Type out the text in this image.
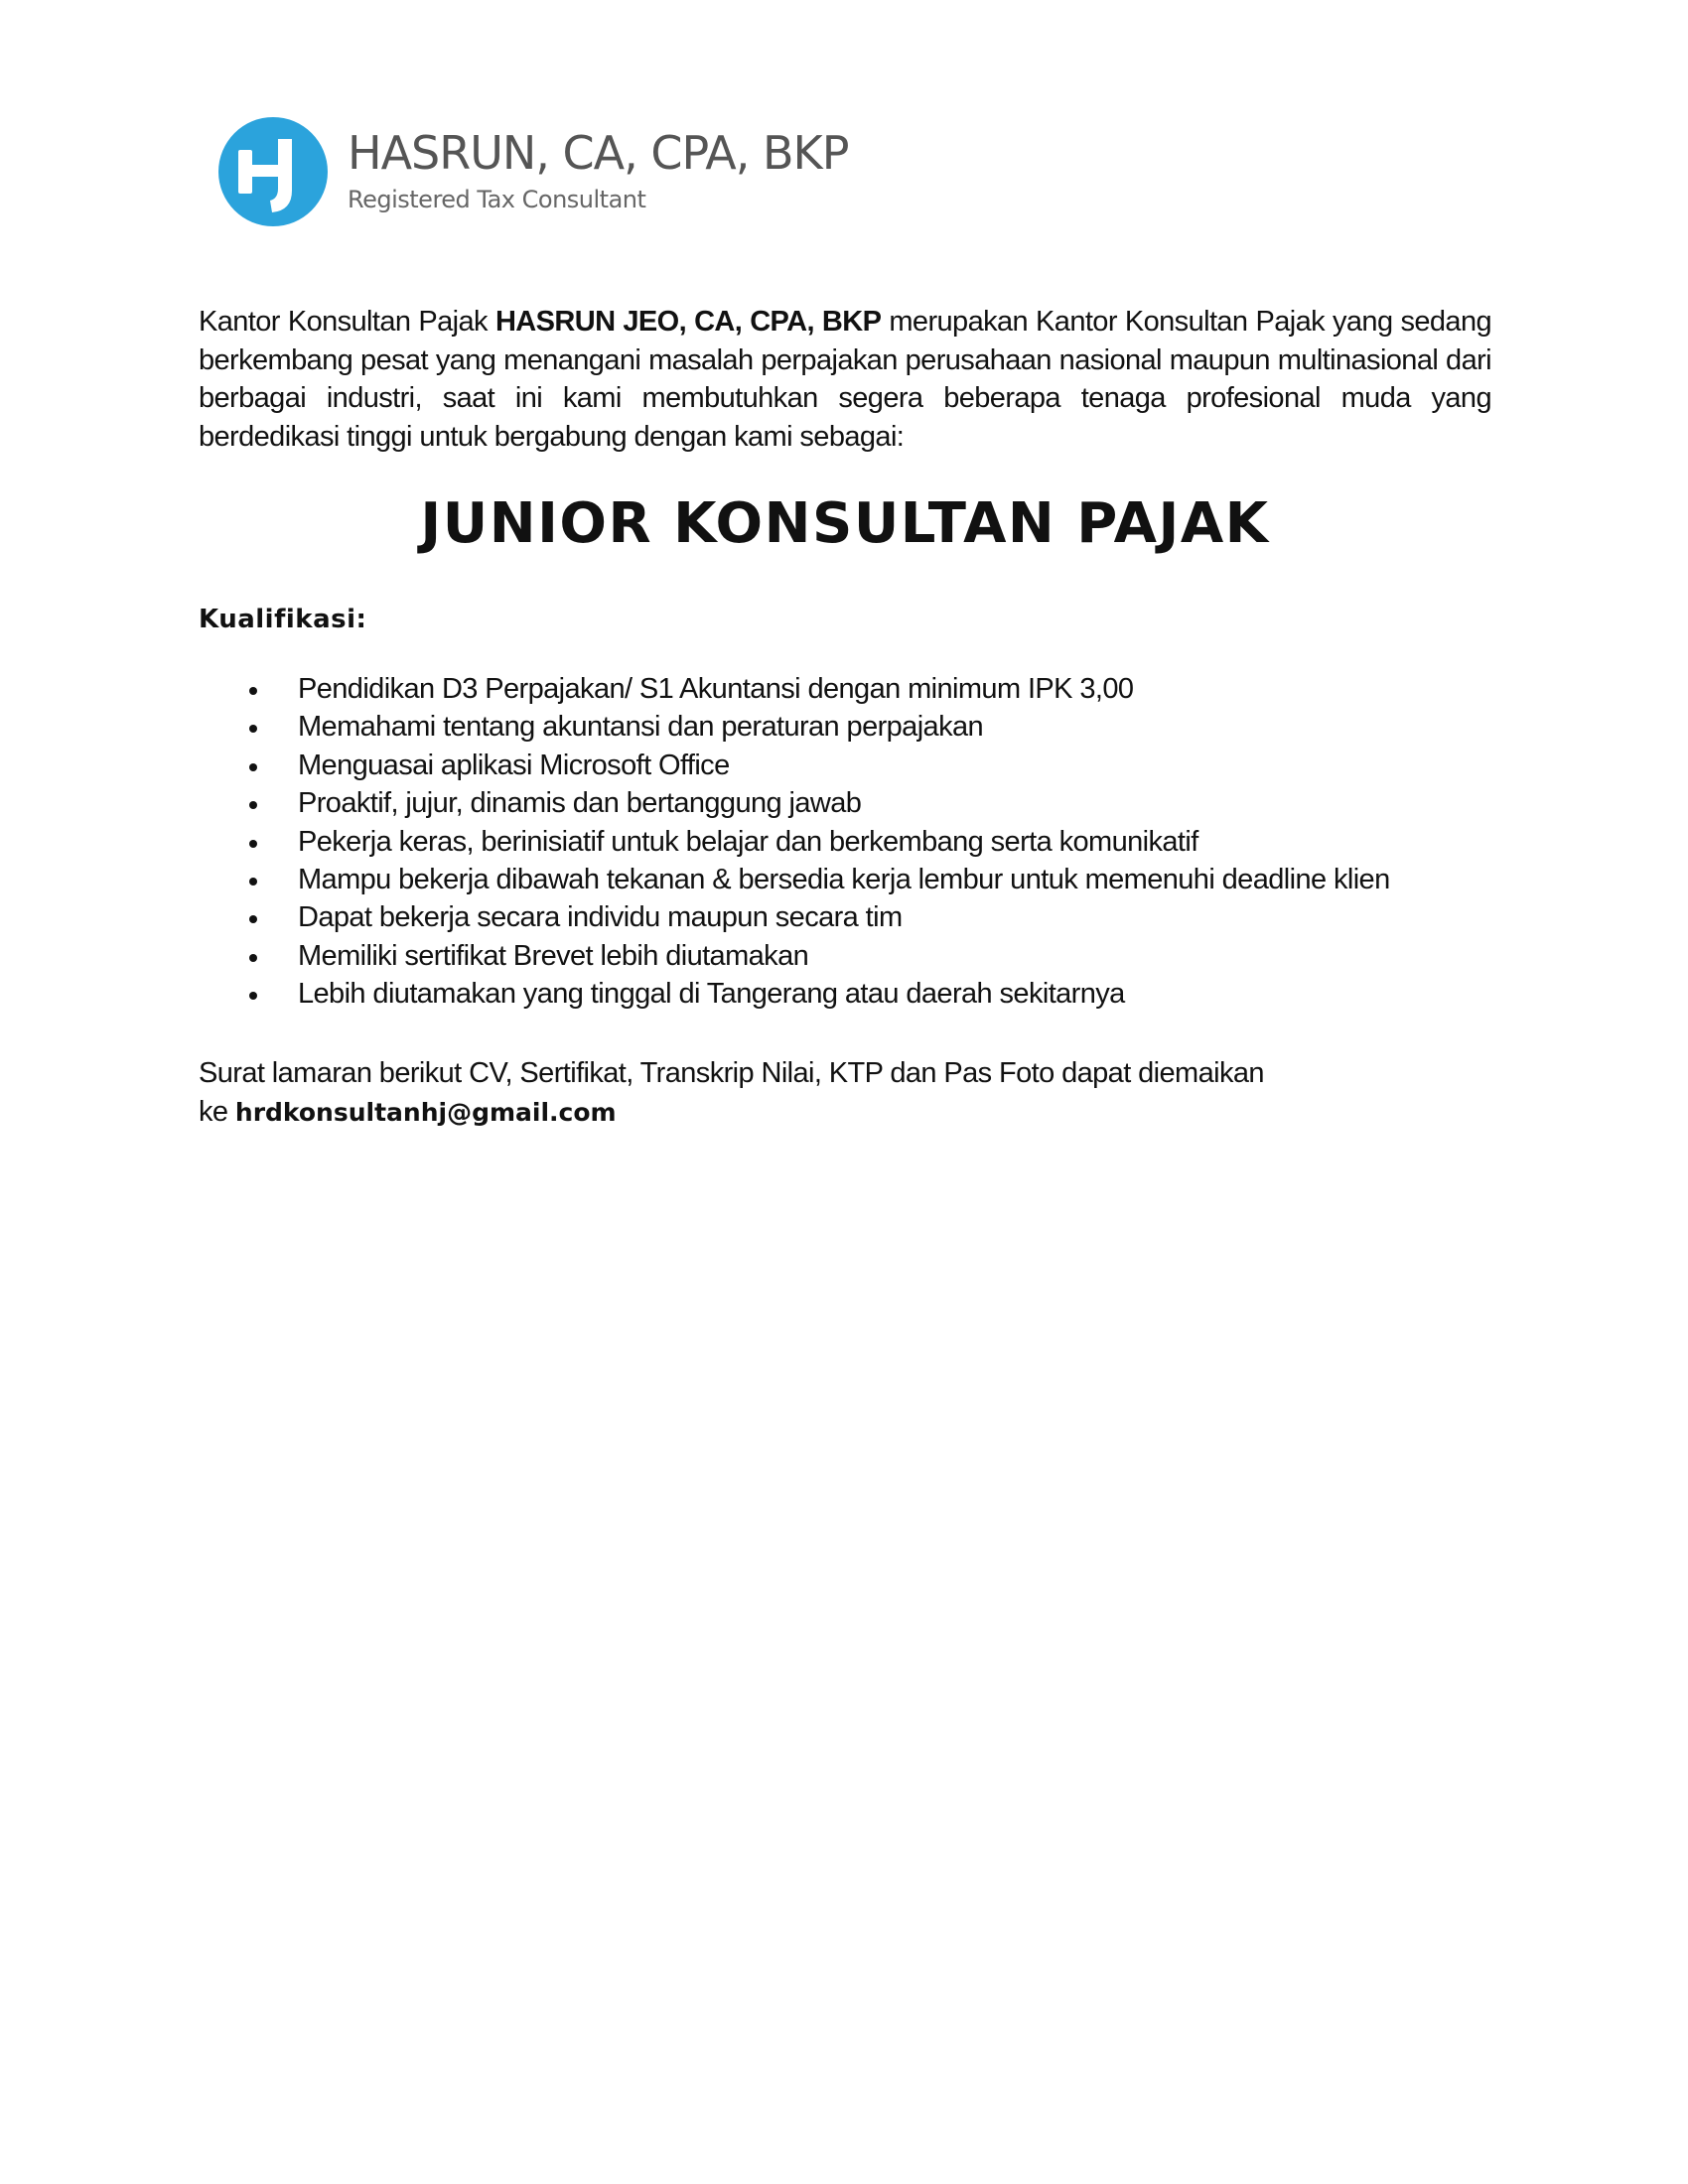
HASRUN, CA, CPA, BKP
Registered Tax Consultant

Kantor Konsultan Pajak HASRUN JEO, CA, CPA, BKP merupakan Kantor Konsultan Pajak yang sedang berkembang pesat yang menangani masalah perpajakan perusahaan nasional maupun multinasional dari berbagai industri, saat ini kami membutuhkan segera beberapa tenaga profesional muda yang berdedikasi tinggi untuk bergabung dengan kami sebagai:

JUNIOR KONSULTAN PAJAK
Kualifikasi:
Pendidikan D3 Perpajakan/ S1 Akuntansi dengan minimum IPK 3,00
Memahami tentang akuntansi dan peraturan perpajakan
Menguasai aplikasi Microsoft Office
Proaktif, jujur, dinamis dan bertanggung jawab
Pekerja keras, berinisiatif untuk belajar dan berkembang serta komunikatif
Mampu bekerja dibawah tekanan & bersedia kerja lembur untuk memenuhi deadline klien
Dapat bekerja secara individu maupun secara tim
Memiliki sertifikat Brevet lebih diutamakan
Lebih diutamakan yang tinggal di Tangerang atau daerah sekitarnya

Surat lamaran berikut CV, Sertifikat, Transkrip Nilai, KTP dan Pas Foto dapat diemaikan
ke hrdkonsultanhj@gmail.com
